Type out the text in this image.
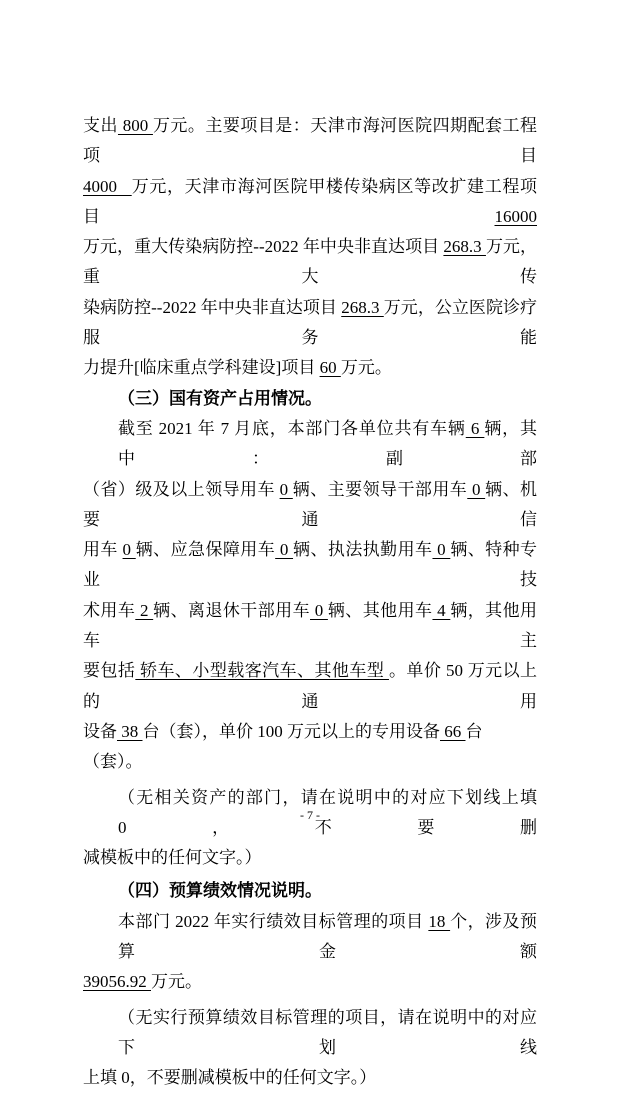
支出 800 万元。主要项目是：天津市海河医院四期配套工程项目
4000   万元，天津市海河医院甲楼传染病区等改扩建工程项目 16000
万元，重大传染病防控--2022 年中央非直达项目 268.3 万元，重大传
染病防控--2022 年中央非直达项目 268.3 万元，公立医院诊疗服务能
力提升[临床重点学科建设]项目 60 万元。
（三）国有资产占用情况。
截至 2021 年 7 月底，本部门各单位共有车辆 6 辆，其中：副部
（省）级及以上领导用车 0 辆、主要领导干部用车 0 辆、机要通信
用车 0 辆、应急保障用车 0 辆、执法执勤用车 0 辆、特种专业技
术用车 2 辆、离退休干部用车 0 辆、其他用车 4 辆，其他用车主
要包括 轿车、小型载客汽车、其他车型 。单价 50 万元以上的通用
设备 38 台（套），单价 100 万元以上的专用设备 66 台（套）。
（无相关资产的部门，请在说明中的对应下划线上填 0，不要删
减模板中的任何文字。）
（四）预算绩效情况说明。
本部门 2022 年实行绩效目标管理的项目 18 个，涉及预算金额
39056.92 万元。
（无实行预算绩效目标管理的项目，请在说明中的对应下划线
上填 0，不要删减模板中的任何文字。）
- 7 -
